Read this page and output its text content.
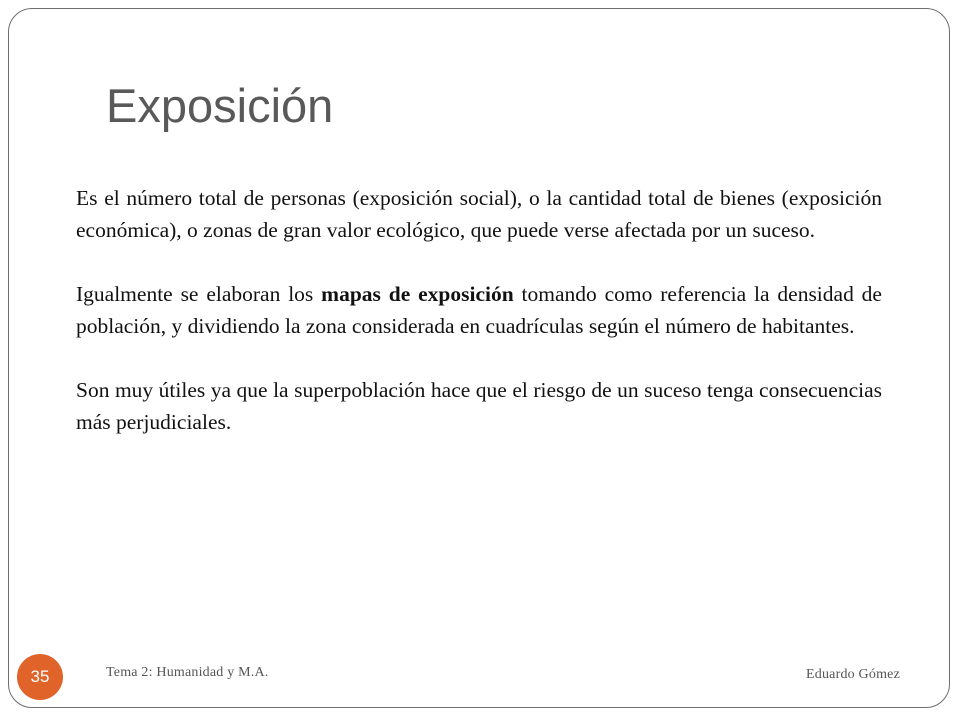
Exposición

Es el número total de personas (exposición social), o la cantidad total de bienes (exposición económica), o zonas de gran valor ecológico, que puede verse afectada por un suceso.

Igualmente se elaboran los mapas de exposición tomando como referencia la densidad de población, y dividiendo la zona considerada en cuadrículas según el número de habitantes.

Son muy útiles ya que la superpoblación hace que el riesgo de un suceso tenga consecuencias más perjudiciales.

35	Tema 2: Humanidad y M.A.	Eduardo Gómez
